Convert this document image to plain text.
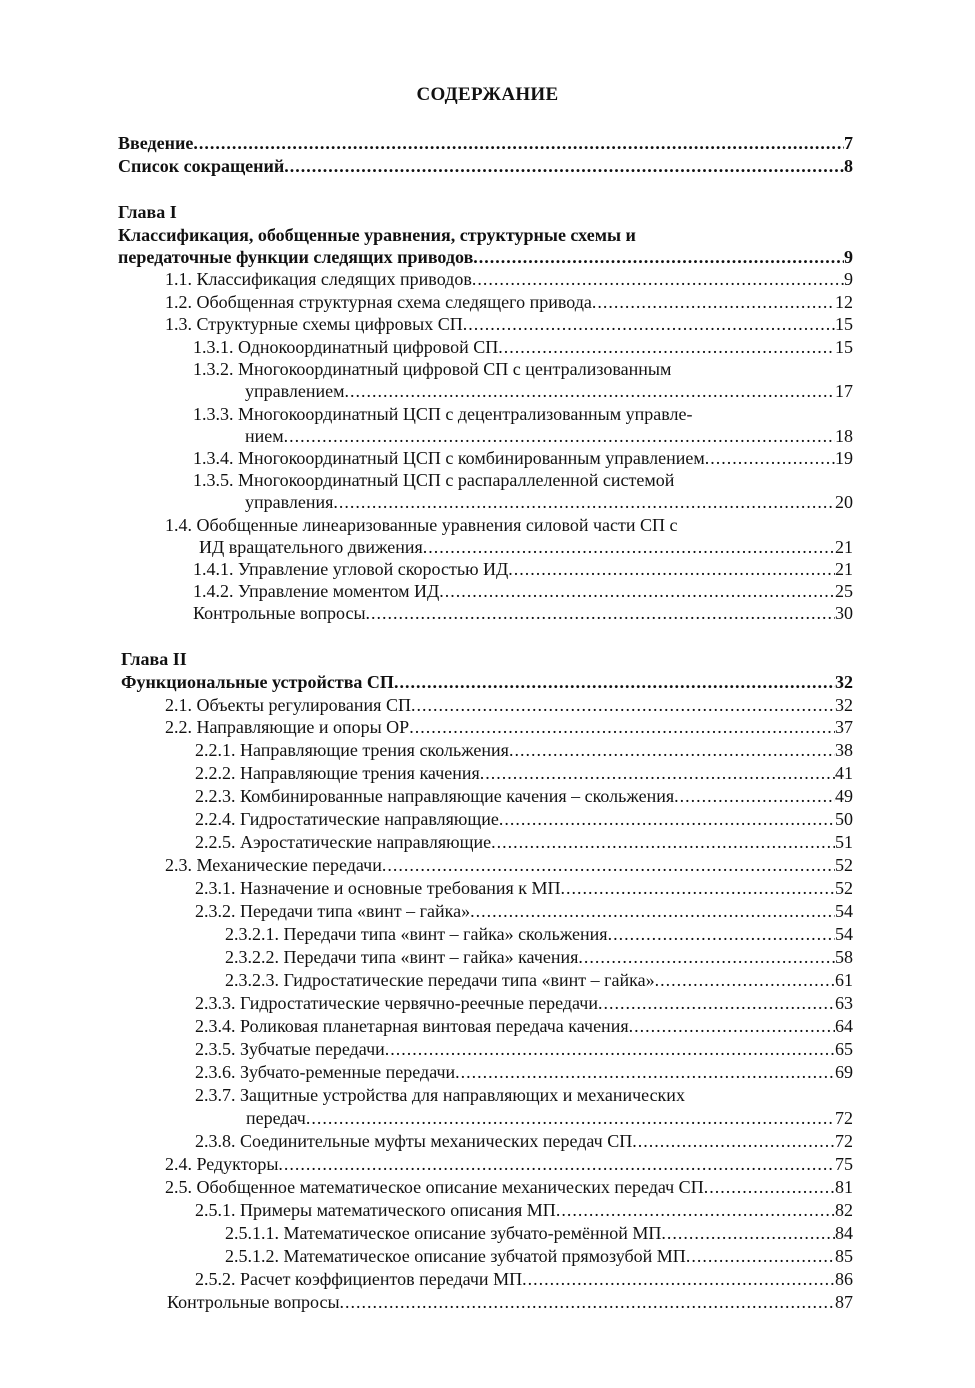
СОДЕРЖАНИЕ
Введение .....	7
Список сокращений .....	8
Глава I
Классификация, обобщенные уравнения, структурные схемы и
передаточные функции следящих приводов .....	9
1.1. Классификация следящих приводов .....	9
1.2. Обобщенная структурная схема следящего привода .....	12
1.3. Структурные схемы цифровых СП .....	15
1.3.1. Однокоординатный цифровой СП .....	15
1.3.2. Многокоординатный цифровой СП с централизованным
управлением .....	17
1.3.3. Многокоординатный ЦСП с децентрализованным управле-
нием .....	18
1.3.4. Многокоординатный ЦСП с комбинированным управлением .....	19
1.3.5. Многокоординатный ЦСП с распараллеленной системой
управления .....	20
1.4. Обобщенные линеаризованные уравнения силовой части СП с
ИД вращательного движения .....	21
1.4.1. Управление угловой скоростью ИД .....	21
1.4.2. Управление моментом ИД .....	25
Контрольные вопросы .....	30
Глава II
Функциональные устройства СП .....	32
2.1. Объекты регулирования СП .....	32
2.2. Направляющие и опоры ОР .....	37
2.2.1. Направляющие трения скольжения .....	38
2.2.2. Направляющие трения качения .....	41
2.2.3. Комбинированные направляющие качения – скольжения .....	49
2.2.4. Гидростатические направляющие .....	50
2.2.5. Аэростатические направляющие .....	51
2.3. Механические передачи .....	52
2.3.1. Назначение и основные требования к МП .....	52
2.3.2. Передачи типа «винт – гайка» .....	54
2.3.2.1. Передачи типа «винт – гайка» скольжения .....	54
2.3.2.2. Передачи типа «винт – гайка» качения .....	58
2.3.2.3. Гидростатические передачи типа «винт – гайка» .....	61
2.3.3. Гидростатические червячно-реечные передачи .....	63
2.3.4. Роликовая планетарная винтовая передача качения .....	64
2.3.5. Зубчатые передачи .....	65
2.3.6. Зубчато-ременные передачи .....	69
2.3.7. Защитные устройства для направляющих и механических
передач .....	72
2.3.8. Соединительные муфты механических передач СП .....	72
2.4. Редукторы .....	75
2.5. Обобщенное математическое описание механических передач СП .....	81
2.5.1. Примеры математического описания МП .....	82
2.5.1.1. Математическое описание зубчато-ремённой МП .....	84
2.5.1.2. Математическое описание зубчатой прямозубой МП .....	85
2.5.2. Расчет коэффициентов передачи МП .....	86
Контрольные вопросы .....	87
